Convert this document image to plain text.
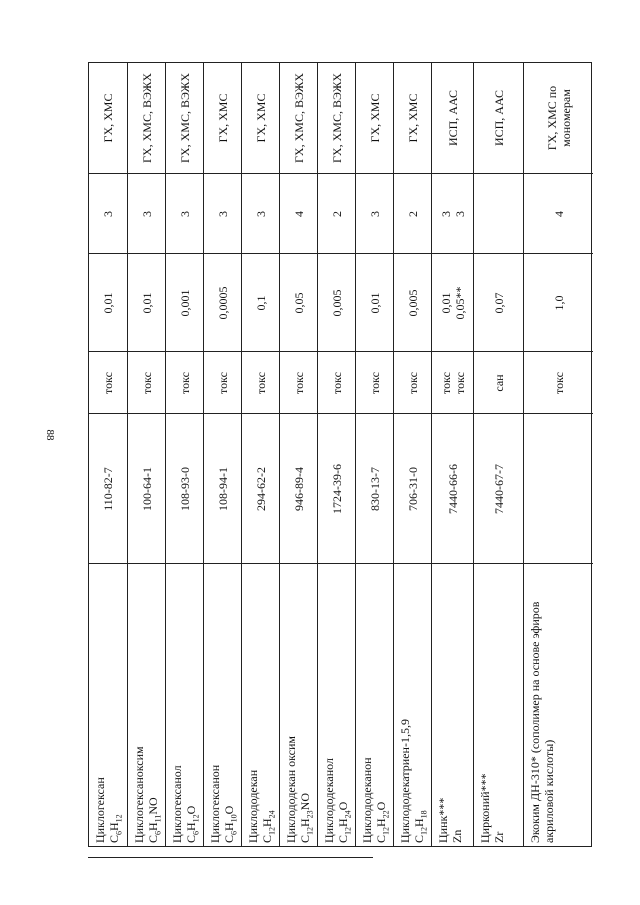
88
ГХ, ХМС
3
0,01
токс
110-82-7
Циклогексан $C_6H_{12}$
ГХ, ХМС, ВЭЖХ
3
0,01
токс
100-64-1
Циклогексаноксим $C_6H_{11}NO$
ГХ, ХМС, ВЭЖХ
3
0,001
токс
108-93-0
Циклогексанол $C_6H_{12}O$
ГХ, ХМС
3
0,0005
токс
108-94-1
Циклогексанон $C_6H_{10}O$
ГХ, ХМС
3
0,1
токс
294-62-2
Циклододекан $C_{12}H_{24}$
ГХ, ХМС, ВЭЖХ
4
0,05
токс
946-89-4
Циклододекан оксим $C_{12}H_{23}NO$
ГХ, ХМС, ВЭЖХ
2
0,005
токс
1724-39-6
Циклододеканол $C_{12}H_{24}O$
ГХ, ХМС
3
0,01
токс
830-13-7
Циклододеканон $C_{12}H_{22}O$
ГХ, ХМС
2
0,005
токс
706-31-0
Циклододекатриен-1,5,9 $C_{12}H_{18}$
ИСП, ААС
3
3
0,01
0,05**
токс
токс
7440-66-6
Цинк*** Zn
ИСП, ААС
0,07
сан
7440-67-7
Цирконий*** Zr
ГХ, ХМС по
мономерам
4
1,0
токс
Экоким ДН-310* (сополимер на основе эфиров акриловой кислоты)
